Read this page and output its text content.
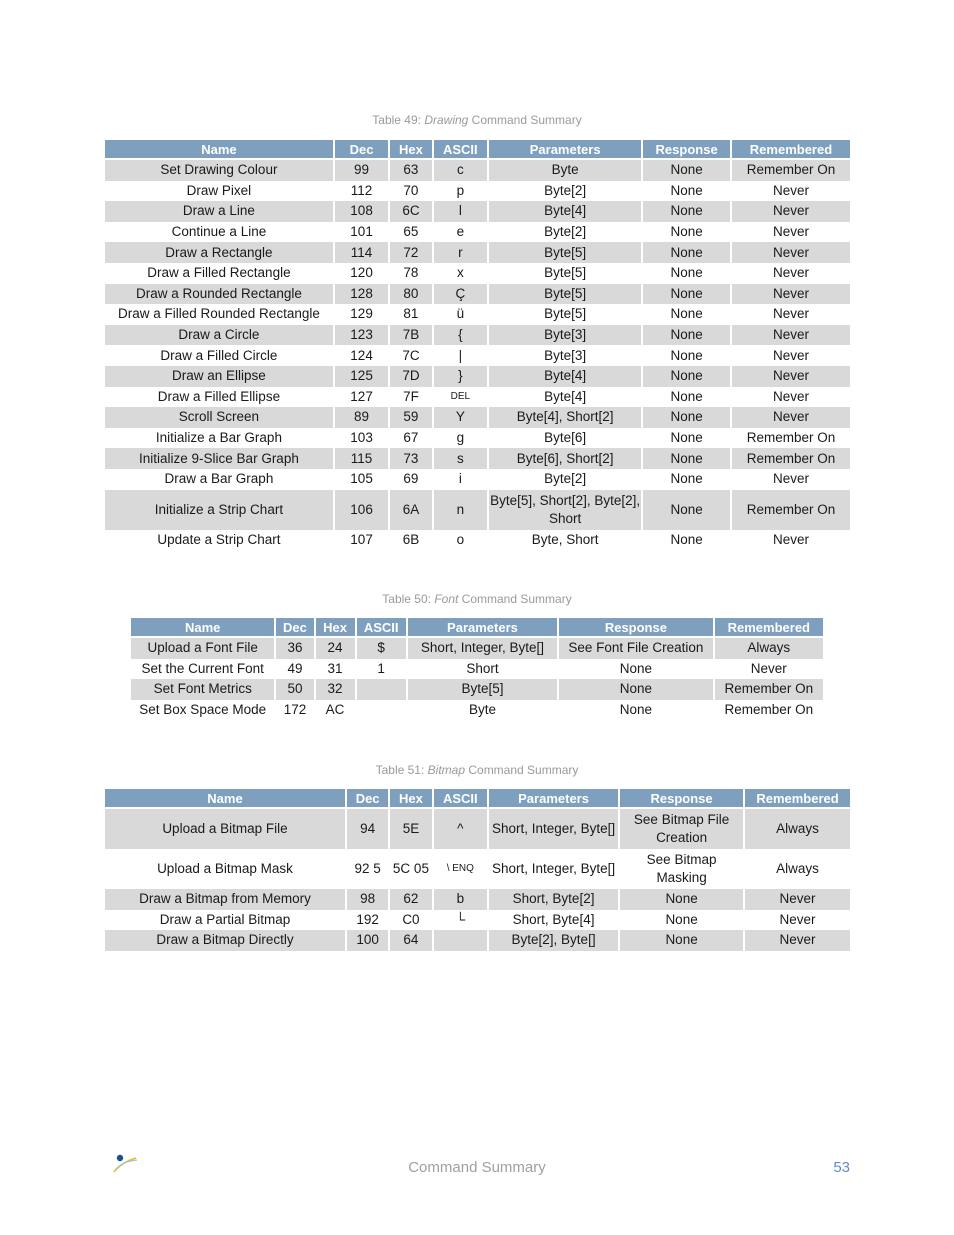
Table 49: Drawing Command Summary
Name	Dec	Hex	ASCII	Parameters	Response	Remembered
Set Drawing Colour	99	63	c	Byte	None	Remember On
Draw Pixel	112	70	p	Byte[2]	None	Never
Draw a Line	108	6C	l	Byte[4]	None	Never
Continue a Line	101	65	e	Byte[2]	None	Never
Draw a Rectangle	114	72	r	Byte[5]	None	Never
Draw a Filled Rectangle	120	78	x	Byte[5]	None	Never
Draw a Rounded Rectangle	128	80	Ç	Byte[5]	None	Never
Draw a Filled Rounded Rectangle	129	81	ü	Byte[5]	None	Never
Draw a Circle	123	7B	{	Byte[3]	None	Never
Draw a Filled Circle	124	7C	|	Byte[3]	None	Never
Draw an Ellipse	125	7D	}	Byte[4]	None	Never
Draw a Filled Ellipse	127	7F	DEL	Byte[4]	None	Never
Scroll Screen	89	59	Y	Byte[4], Short[2]	None	Never
Initialize a Bar Graph	103	67	g	Byte[6]	None	Remember On
Initialize 9-Slice Bar Graph	115	73	s	Byte[6], Short[2]	None	Remember On
Draw a Bar Graph	105	69	i	Byte[2]	None	Never
Initialize a Strip Chart	106	6A	n	Byte[5], Short[2], Byte[2], Short	None	Remember On
Update a Strip Chart	107	6B	o	Byte, Short	None	Never
Table 50: Font Command Summary
Name	Dec	Hex	ASCII	Parameters	Response	Remembered
Upload a Font File	36	24	$	Short, Integer, Byte[]	See Font File Creation	Always
Set the Current Font	49	31	1	Short	None	Never
Set Font Metrics	50	32		Byte[5]	None	Remember On
Set Box Space Mode	172	AC		Byte	None	Remember On
Table 51: Bitmap Command Summary
Name	Dec	Hex	ASCII	Parameters	Response	Remembered
Upload a Bitmap File	94	5E	^	Short, Integer, Byte[]	See Bitmap File Creation	Always
Upload a Bitmap Mask	92 5	5C 05	\ ENQ	Short, Integer, Byte[]	See Bitmap Masking	Always
Draw a Bitmap from Memory	98	62	b	Short, Byte[2]	None	Never
Draw a Partial Bitmap	192	C0	└	Short, Byte[4]	None	Never
Draw a Bitmap Directly	100	64		Byte[2], Byte[]	None	Never
Command Summary	53
